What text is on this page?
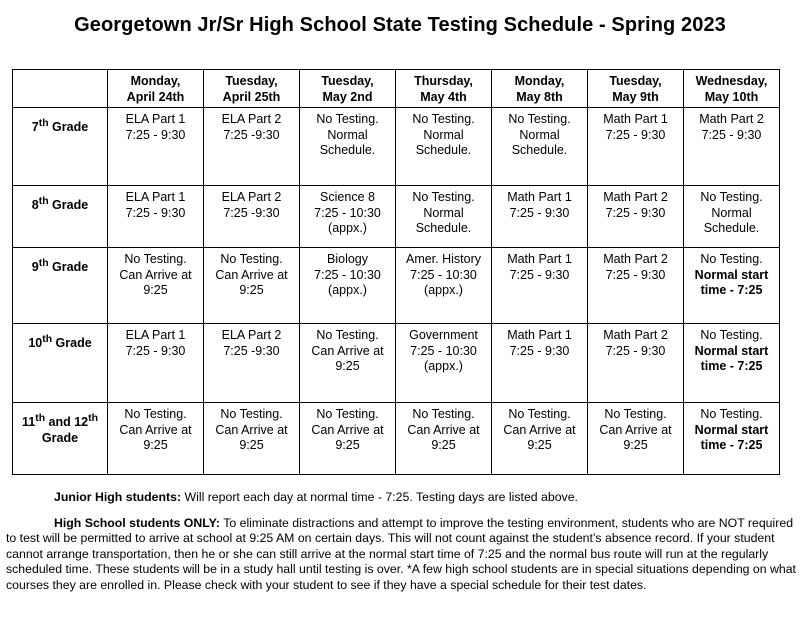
Georgetown Jr/Sr High School State Testing Schedule - Spring 2023
	Monday,
April 24th	Tuesday,
April 25th	Tuesday,
May 2nd	Thursday,
May 4th	Monday,
May 8th	Tuesday,
May 9th	Wednesday,
May 10th
7th Grade	ELA Part 1
7:25 - 9:30	ELA Part 2
7:25 -9:30	No Testing.
Normal
Schedule.	No Testing.
Normal
Schedule.	No Testing.
Normal
Schedule.	Math Part 1
7:25 - 9:30	Math Part 2
7:25 - 9:30
8th Grade	ELA Part 1
7:25 - 9:30	ELA Part 2
7:25 -9:30	Science 8
7:25 - 10:30
(appx.)	No Testing.
Normal
Schedule.	Math Part 1
7:25 - 9:30	Math Part 2
7:25 - 9:30	No Testing.
Normal
Schedule.
9th Grade	No Testing.
Can Arrive at
9:25	No Testing.
Can Arrive at
9:25	Biology
7:25 - 10:30
(appx.)	Amer. History
7:25 - 10:30
(appx.)	Math Part 1
7:25 - 9:30	Math Part 2
7:25 - 9:30	No Testing.
Normal start
time - 7:25
10th Grade	ELA Part 1
7:25 - 9:30	ELA Part 2
7:25 -9:30	No Testing.
Can Arrive at
9:25	Government
7:25 - 10:30
(appx.)	Math Part 1
7:25 - 9:30	Math Part 2
7:25 - 9:30	No Testing.
Normal start
time - 7:25
11th and 12th
Grade	No Testing.
Can Arrive at
9:25	No Testing.
Can Arrive at
9:25	No Testing.
Can Arrive at
9:25	No Testing.
Can Arrive at
9:25	No Testing.
Can Arrive at
9:25	No Testing.
Can Arrive at
9:25	No Testing.
Normal start
time - 7:25

Junior High students: Will report each day at normal time - 7:25. Testing days are listed above.

High School students ONLY: To eliminate distractions and attempt to improve the testing environment, students who are NOT required to test will be permitted to arrive at school at 9:25 AM on certain days. This will not count against the student’s absence record. If your student cannot arrange transportation, then he or she can still arrive at the normal start time of 7:25 and the normal bus route will run at the regularly scheduled time. These students will be in a study hall until testing is over. *A few high school students are in special situations depending on what courses they are enrolled in. Please check with your student to see if they have a special schedule for their test dates.
